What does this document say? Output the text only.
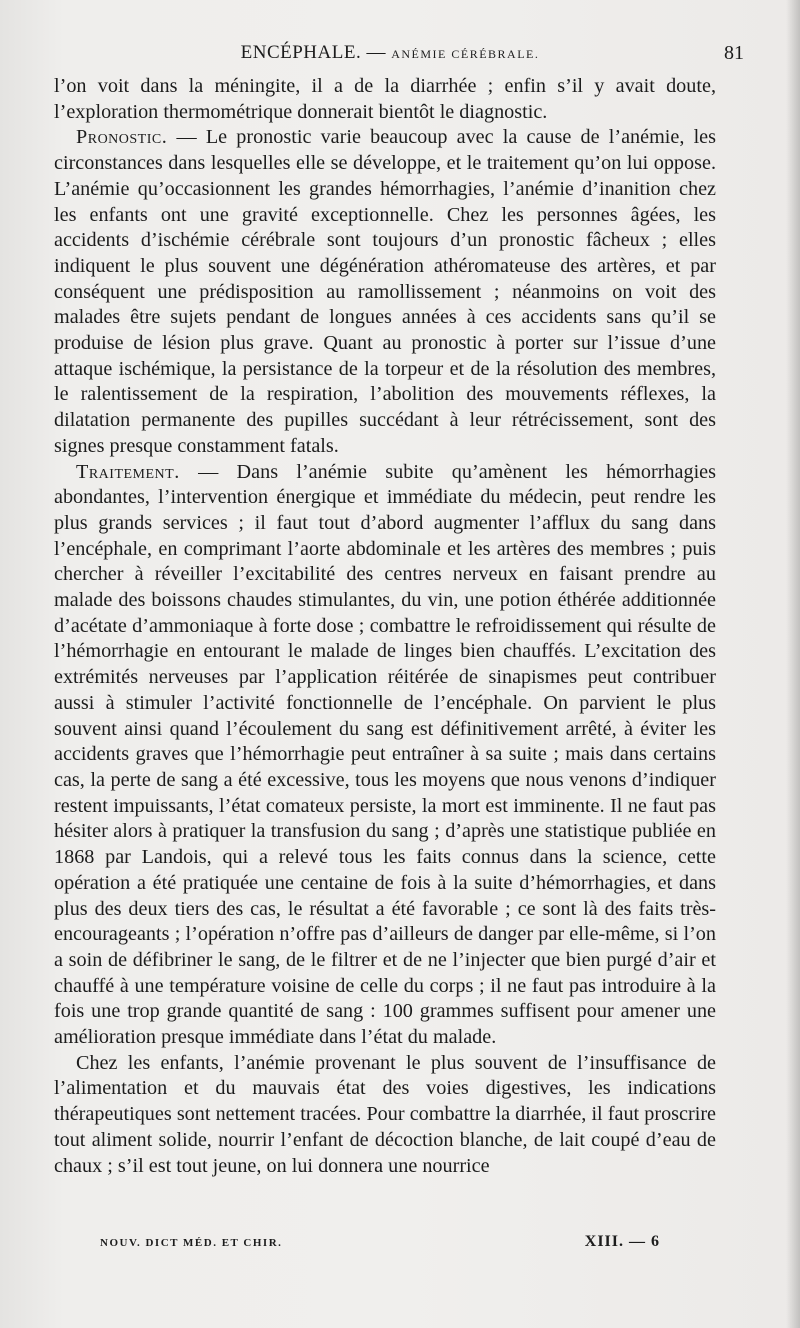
ENCÉPHALE. — ANÉMIE CÉRÉBRALE.	81

l’on voit dans la méningite, il a de la diarrhée ; enfin s’il y avait doute, l’exploration thermométrique donnerait bientôt le diagnostic.

Pronostic. — Le pronostic varie beaucoup avec la cause de l’anémie, les circonstances dans lesquelles elle se développe, et le traitement qu’on lui oppose. L’anémie qu’occasionnent les grandes hémorrhagies, l’anémie d’inanition chez les enfants ont une gravité exceptionnelle. Chez les personnes âgées, les accidents d’ischémie cérébrale sont toujours d’un pronostic fâcheux ; elles indiquent le plus souvent une dégénération athéromateuse des artères, et par conséquent une prédisposition au ramollissement ; néanmoins on voit des malades être sujets pendant de longues années à ces accidents sans qu’il se produise de lésion plus grave. Quant au pronostic à porter sur l’issue d’une attaque ischémique, la persistance de la torpeur et de la résolution des membres, le ralentissement de la respiration, l’abolition des mouvements réflexes, la dilatation permanente des pupilles succédant à leur rétrécissement, sont des signes presque constamment fatals.

Traitement. — Dans l’anémie subite qu’amènent les hémorrhagies abondantes, l’intervention énergique et immédiate du médecin, peut rendre les plus grands services ; il faut tout d’abord augmenter l’afflux du sang dans l’encéphale, en comprimant l’aorte abdominale et les artères des membres ; puis chercher à réveiller l’excitabilité des centres nerveux en faisant prendre au malade des boissons chaudes stimulantes, du vin, une potion éthérée additionnée d’acétate d’ammoniaque à forte dose ; combattre le refroidissement qui résulte de l’hémorrhagie en entourant le malade de linges bien chauffés. L’excitation des extrémités nerveuses par l’application réitérée de sinapismes peut contribuer aussi à stimuler l’activité fonctionnelle de l’encéphale. On parvient le plus souvent ainsi quand l’écoulement du sang est définitivement arrêté, à éviter les accidents graves que l’hémorrhagie peut entraîner à sa suite ; mais dans certains cas, la perte de sang a été excessive, tous les moyens que nous venons d’indiquer restent impuissants, l’état comateux persiste, la mort est imminente. Il ne faut pas hésiter alors à pratiquer la transfusion du sang ; d’après une statistique publiée en 1868 par Landois, qui a relevé tous les faits connus dans la science, cette opération a été pratiquée une centaine de fois à la suite d’hémorrhagies, et dans plus des deux tiers des cas, le résultat a été favorable ; ce sont là des faits très-encourageants ; l’opération n’offre pas d’ailleurs de danger par elle-même, si l’on a soin de défibriner le sang, de le filtrer et de ne l’injecter que bien purgé d’air et chauffé à une température voisine de celle du corps ; il ne faut pas introduire à la fois une trop grande quantité de sang : 100 grammes suffisent pour amener une amélioration presque immédiate dans l’état du malade.

Chez les enfants, l’anémie provenant le plus souvent de l’insuffisance de l’alimentation et du mauvais état des voies digestives, les indications thérapeutiques sont nettement tracées. Pour combattre la diarrhée, il faut proscrire tout aliment solide, nourrir l’enfant de décoction blanche, de lait coupé d’eau de chaux ; s’il est tout jeune, on lui donnera une nourrice

NOUV. DICT MÉD. ET CHIR.	XIII. — 6
